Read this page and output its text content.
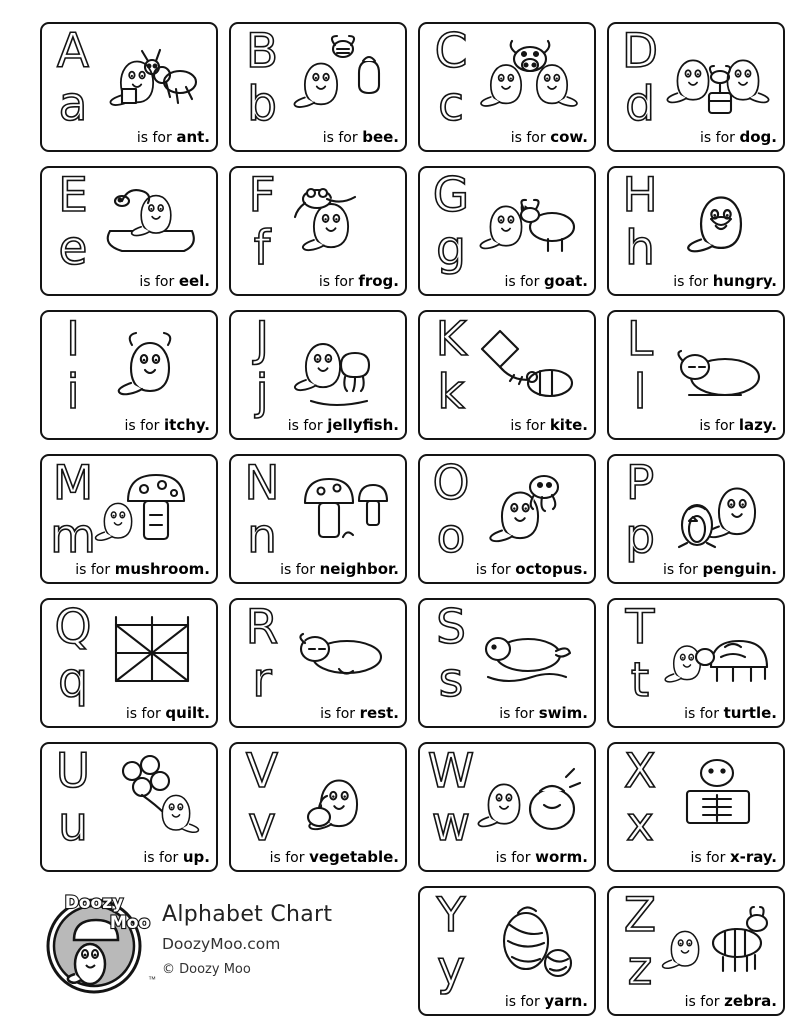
A
a
is for ant.
B
b
is for bee.
C
c
is for cow.
D
d
is for dog.
E
e
is for eel.
F
f
is for frog.
G
g
is for goat.
H
h
is for hungry.
I
i
is for itchy.
J
j
is for jellyfish.
K
k
is for kite.
L
l
is for lazy.
M
m
is for mushroom.
N
n
is for neighbor.
O
o
is for octopus.
P
p
is for penguin.
Q
q
is for quilt.
R
r
is for rest.
S
s
is for swim.
T
t
is for turtle.
U
u
is for up.
V
v
is for vegetable.
W
w
is for worm.
X
x
is for x-ray.
Doozy
Moo
™
Alphabet Chart
DoozyMoo.com
© Doozy Moo
Y
y
is for yarn.
Z
z
is for zebra.
